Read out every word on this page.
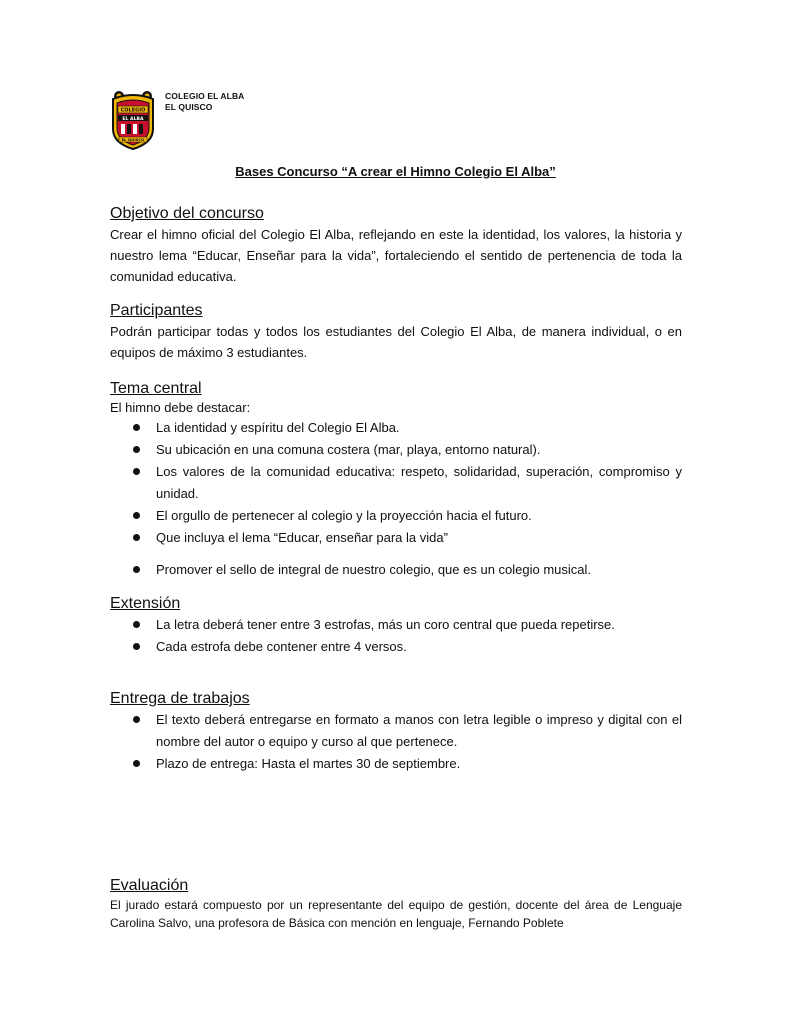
COLEGIO
EL ALBA
EL QUISCO
COLEGIO EL ALBA
EL QUISCO
Bases Concurso “A crear el Himno Colegio El Alba”
Objetivo del concurso

Crear el himno oficial del Colegio El Alba, reflejando en este la identidad, los valores, la historia y nuestro lema “Educar, Enseñar para la vida”, fortaleciendo el sentido de pertenencia de toda la comunidad educativa.

Participantes

Podrán participar todas y todos los estudiantes del Colegio El Alba, de manera individual, o en equipos de máximo 3 estudiantes.

Tema central

El himno debe destacar:

La identidad y espíritu del Colegio El Alba.
Su ubicación en una comuna costera (mar, playa, entorno natural).
Los valores de la comunidad educativa: respeto, solidaridad, superación, compromiso y unidad.
El orgullo de pertenecer al colegio y la proyección hacia el futuro.
Que incluya el lema “Educar, enseñar para la vida”
Promover el sello de integral de nuestro colegio, que es un colegio musical.
Extensión
La letra deberá tener entre 3 estrofas, más un coro central que pueda repetirse.
Cada estrofa debe contener entre 4 versos.
Entrega de trabajos
El texto deberá entregarse en formato a manos con letra legible o impreso y digital con el nombre del autor o equipo y curso al que pertenece.
Plazo de entrega: Hasta el martes 30 de septiembre.
Evaluación

El jurado estará compuesto por un representante del equipo de gestión, docente del área de Lenguaje Carolina Salvo, una profesora de Básica con mención en lenguaje, Fernando Poblete
